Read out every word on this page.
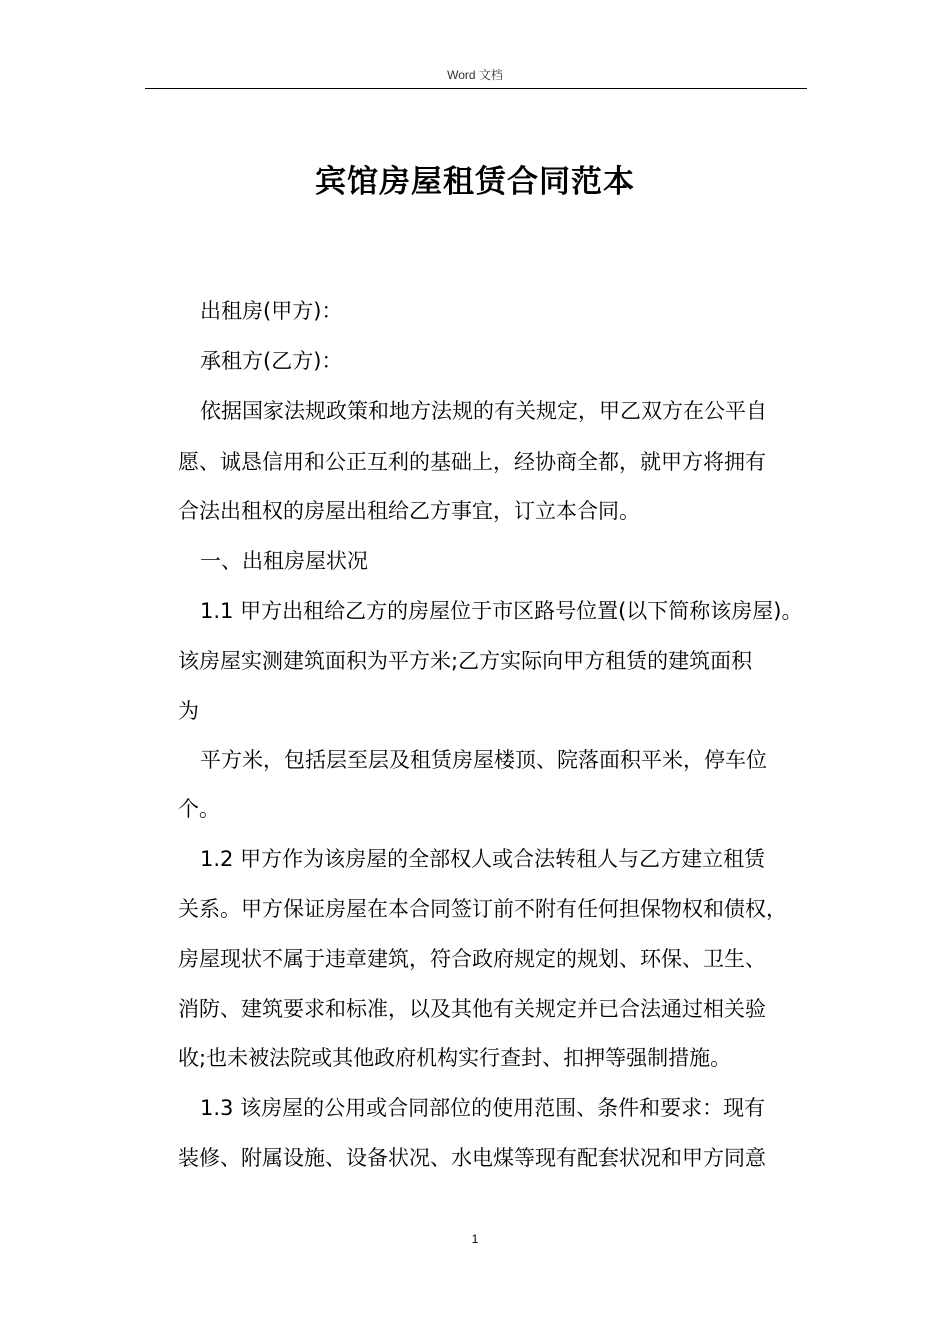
Word 文档
宾馆房屋租赁合同范本
出租房(甲方)：
承租方(乙方)：
依据国家法规政策和地方法规的有关规定，甲乙双方在公平自
愿、诚恳信用和公正互利的基础上，经协商全都，就甲方将拥有
合法出租权的房屋出租给乙方事宜，订立本合同。
一、出租房屋状况
1.1 甲方出租给乙方的房屋位于市区路号位置(以下简称该房屋)。
该房屋实测建筑面积为平方米;乙方实际向甲方租赁的建筑面积
为
平方米，包括层至层及租赁房屋楼顶、院落面积平米，停车位
个。
1.2 甲方作为该房屋的全部权人或合法转租人与乙方建立租赁
关系。甲方保证房屋在本合同签订前不附有任何担保物权和债权，
房屋现状不属于违章建筑，符合政府规定的规划、环保、卫生、
消防、建筑要求和标准，以及其他有关规定并已合法通过相关验
收;也未被法院或其他政府机构实行查封、扣押等强制措施。
1.3 该房屋的公用或合同部位的使用范围、条件和要求：现有
装修、附属设施、设备状况、水电煤等现有配套状况和甲方同意
1
